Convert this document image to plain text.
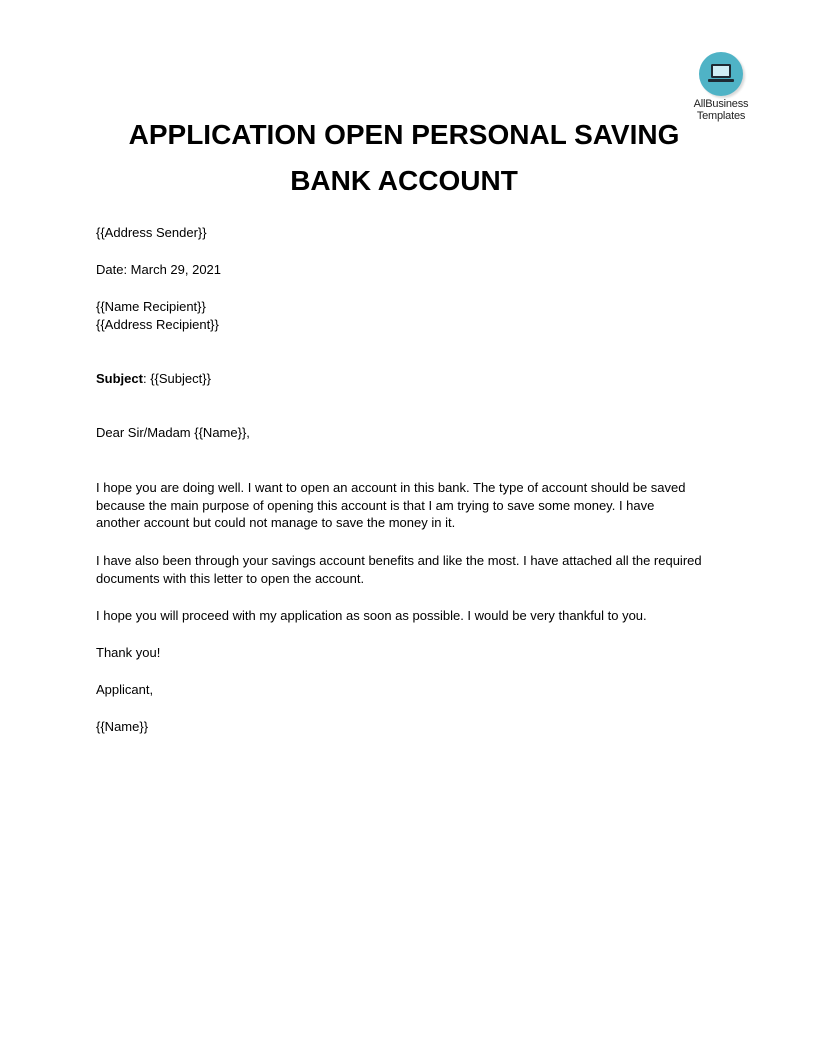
AllBusiness
Templates
APPLICATION OPEN PERSONAL SAVING
BANK ACCOUNT
{{Address Sender}}
Date: March 29, 2021
{{Name Recipient}}
{{Address Recipient}}
Subject: {{Subject}}
Dear Sir/Madam {{Name}},
I hope you are doing well. I want to open an account in this bank. The type of account should be saved
because the main purpose of opening this account is that I am trying to save some money. I have
another account but could not manage to save the money in it.
I have also been through your savings account benefits and like the most. I have attached all the required
documents with this letter to open the account.
I hope you will proceed with my application as soon as possible. I would be very thankful to you.
Thank you!
Applicant,
{{Name}}
